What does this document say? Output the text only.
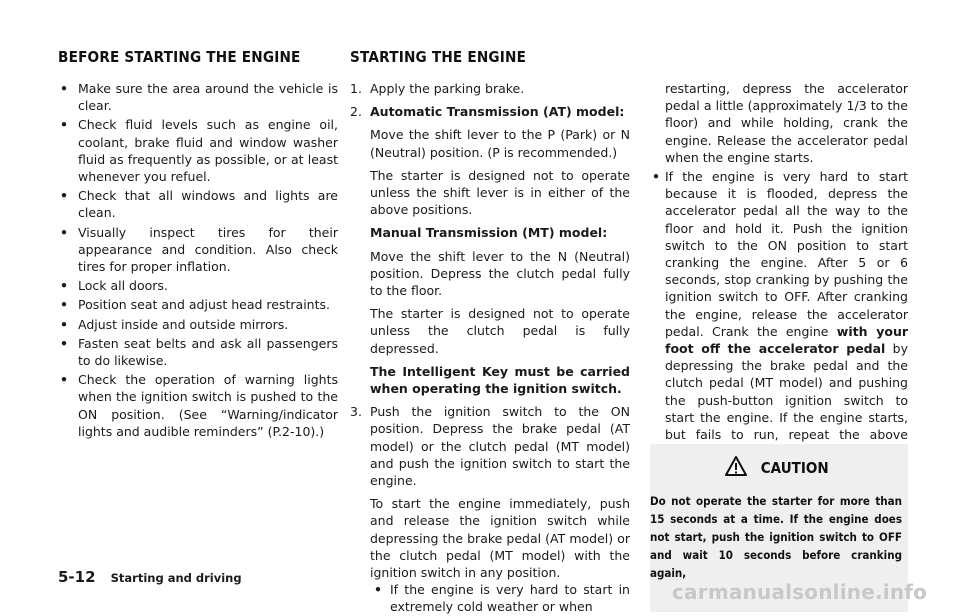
BEFORE STARTING THE ENGINE	STARTING THE ENGINE
• Make sure the area around the vehicle is clear.
• Check fluid levels such as engine oil, coolant, brake fluid and window washer fluid as frequently as possible, or at least whenever you refuel.
• Check that all windows and lights are clean.
• Visually inspect tires for their appearance and condition. Also check tires for proper inflation.
• Lock all doors.
• Position seat and adjust head restraints.
• Adjust inside and outside mirrors.
• Fasten seat belts and ask all passengers to do likewise.
• Check the operation of warning lights when the ignition switch is pushed to the ON position. (See “Warning/indicator lights and audible reminders” (P.2-10).)
1. Apply the parking brake.

2. Automatic Transmission (AT) model:

Move the shift lever to the P (Park) or N (Neutral) position. (P is recommended.)

The starter is designed not to operate unless the shift lever is in either of the above positions.

Manual Transmission (MT) model:

Move the shift lever to the N (Neutral) position. Depress the clutch pedal fully to the floor.

The starter is designed not to operate unless the clutch pedal is fully depressed.

The Intelligent Key must be carried when operating the ignition switch.

3. Push the ignition switch to the ON position. Depress the brake pedal (AT model) or the clutch pedal (MT model) and push the ignition switch to start the engine.

To start the engine immediately, push and release the ignition switch while depressing the brake pedal (AT model) or the clutch pedal (MT model) with the ignition switch in any position.

• If the engine is very hard to start in extremely cold weather or when

restarting, depress the accelerator pedal a little (approximately 1/3 to the floor) and while holding, crank the engine. Release the accelerator pedal when the engine starts.

• If the engine is very hard to start because it is flooded, depress the accelerator pedal all the way to the floor and hold it. Push the ignition switch to the ON position to start cranking the engine. After 5 or 6 seconds, stop cranking by pushing the ignition switch to OFF. After cranking the engine, release the accelerator pedal. Crank the engine with your foot off the accelerator pedal by depressing the brake pedal and the clutch pedal (MT model) and pushing the push-button ignition switch to start the engine. If the engine starts, but fails to run, repeat the above
CAUTION
Do not operate the starter for more than 15 seconds at a time. If the engine does not start, push the ignition switch to OFF and wait 10 seconds before cranking again,
5-12 Starting and driving
carmanualsonline.info
